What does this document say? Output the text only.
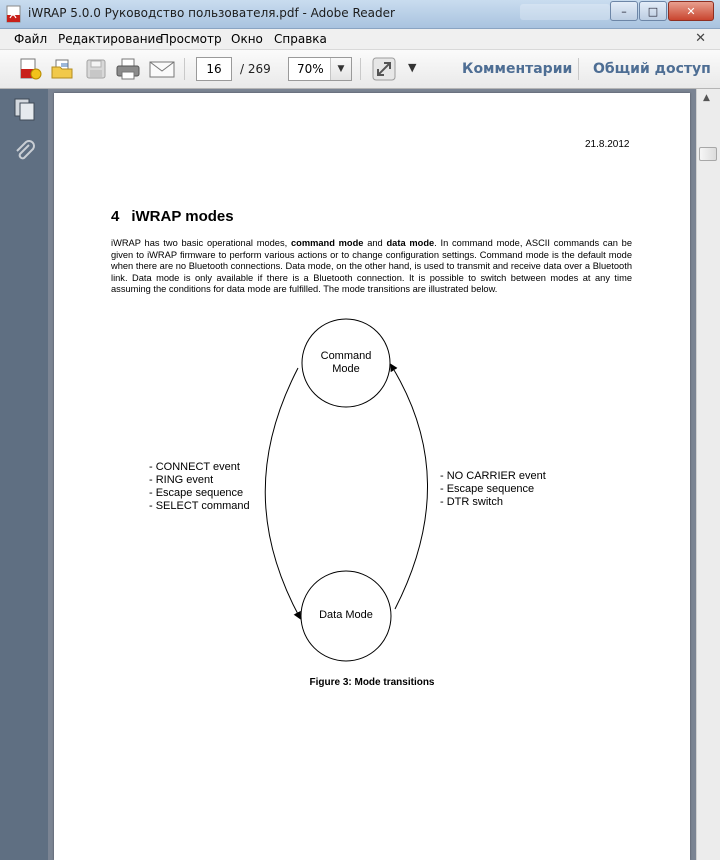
iWRAP 5.0.0 Руководство пользователя.pdf - Adobe Reader	–	□	✕
Файл Редактирование
Просмотр Окно Справка	✕
16	/ 269 70%	▼	▼	Комментарии Общий доступ
21.8.2012
4 iWRAP modes
iWRAP has two basic operational modes, command mode and data mode. In command mode, ASCII commands can be given to iWRAP firmware to perform various actions or to change configuration settings. Command mode is the default mode when there are no Bluetooth connections. Data mode, on the other hand, is used to transmit and receive data over a Bluetooth link. Data mode is only available if there is a Bluetooth connection. It is possible to switch between modes at any time assuming the conditions for data mode are fulfilled. The mode transitions are illustrated below.
Command
Mode
Data Mode
- CONNECT event
- RING event
- Escape sequence
- SELECT command
- NO CARRIER event
- Escape sequence
- DTR switch
Figure 3: Mode transitions
▲
